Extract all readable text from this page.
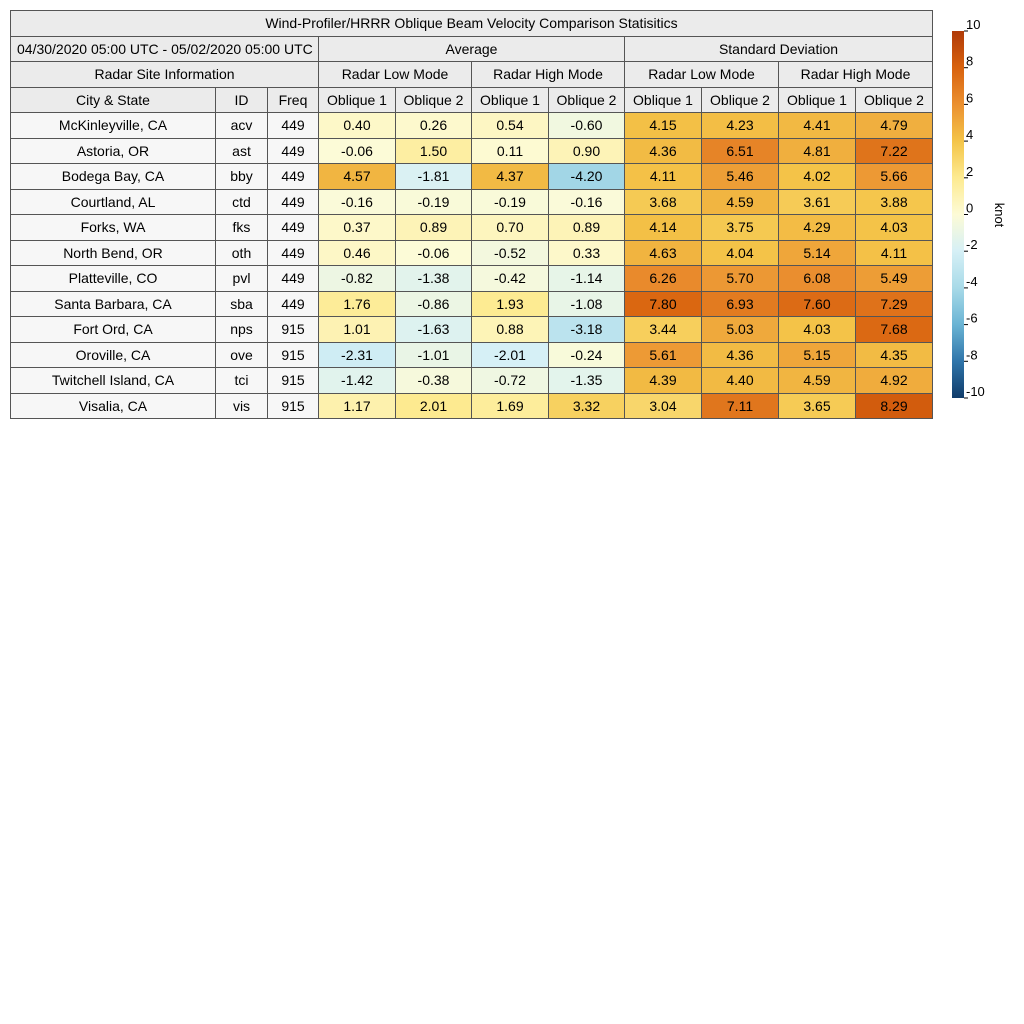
Wind-Profiler/HRRR Oblique Beam Velocity Comparison Statisitics										
04/30/2020 05:00 UTC - 05/02/2020 05:00 UTC			Average				Standard Deviation			
Radar Site Information			Radar Low Mode		Radar High Mode		Radar Low Mode		Radar High Mode	
City & State	ID	Freq	Oblique 1	Oblique 2	Oblique 1	Oblique 2	Oblique 1	Oblique 2	Oblique 1	Oblique 2
McKinleyville, CA	acv	449	0.40	0.26	0.54	-0.60	4.15	4.23	4.41	4.79
Astoria, OR	ast	449	-0.06	1.50	0.11	0.90	4.36	6.51	4.81	7.22
Bodega Bay, CA	bby	449	4.57	-1.81	4.37	-4.20	4.11	5.46	4.02	5.66
Courtland, AL	ctd	449	-0.16	-0.19	-0.19	-0.16	3.68	4.59	3.61	3.88
Forks, WA	fks	449	0.37	0.89	0.70	0.89	4.14	3.75	4.29	4.03
North Bend, OR	oth	449	0.46	-0.06	-0.52	0.33	4.63	4.04	5.14	4.11
Platteville, CO	pvl	449	-0.82	-1.38	-0.42	-1.14	6.26	5.70	6.08	5.49
Santa Barbara, CA	sba	449	1.76	-0.86	1.93	-1.08	7.80	6.93	7.60	7.29
Fort Ord, CA	nps	915	1.01	-1.63	0.88	-3.18	3.44	5.03	4.03	7.68
Oroville, CA	ove	915	-2.31	-1.01	-2.01	-0.24	5.61	4.36	5.15	4.35
Twitchell Island, CA	tci	915	-1.42	-0.38	-0.72	-1.35	4.39	4.40	4.59	4.92
Visalia, CA	vis	915	1.17	2.01	1.69	3.32	3.04	7.11	3.65	8.29
10
8
6
4
2
0
-2
-4
-6
-8
-10
knot
